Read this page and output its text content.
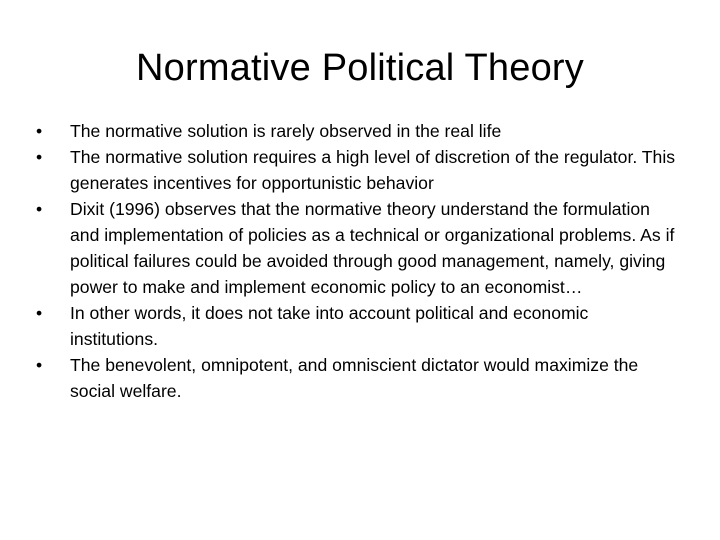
Normative Political Theory
•	The normative solution is rarely observed in the real life
•	The normative solution requires a high level of discretion of the regulator. This generates incentives for opportunistic behavior
•	Dixit (1996) observes that the normative theory understand the formulation and implementation of policies as a technical or organizational problems. As if political failures could be avoided through good management, namely, giving power to make and implement economic policy to an economist…
•	In other words, it does not take into account political and economic institutions.
•	The benevolent, omnipotent, and omniscient dictator would maximize the social welfare.
